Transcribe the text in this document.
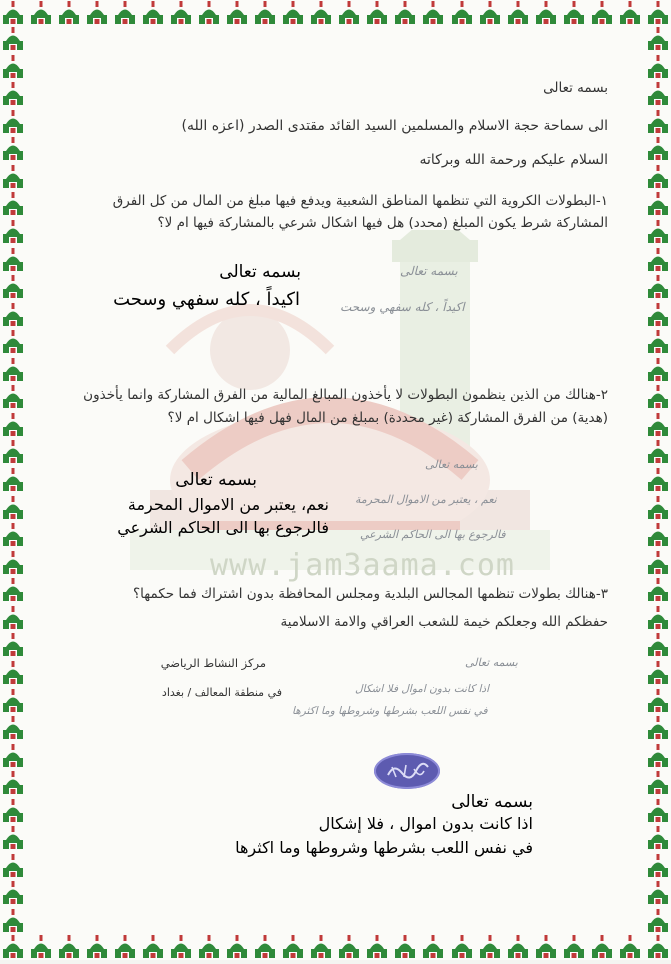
www.jam3aama.com
بسمه تعالى
الى سماحة حجة الاسلام والمسلمين السيد القائد مقتدى الصدر (اعزه الله)
السلام عليكم ورحمة الله وبركاته
١-البطولات الكروية التي تنظمها المناطق الشعبية ويدفع فيها مبلغ من المال من كل الفرق
المشاركة شرط يكون المبلغ (محدد) هل فيها اشكال شرعي بالمشاركة فيها ام لا؟
بسمه تعالى
اكيداً ، كله سفهي وسحت
بسمه تعالى
اكيداً ، كله سفهي وسحت
٢-هنالك من الذين ينظمون البطولات لا يأخذون المبالغ المالية من الفرق المشاركة وانما يأخذون
(هدية) من الفرق المشاركة (غير محددة) بمبلغ من المال فهل فيها اشكال ام لا؟
بسمه تعالى
نعم ، يعتبر من الاموال المحرمة
فالرجوع بها الى الحاكم الشرعي
بسمه تعالى
نعم، يعتبر من الاموال المحرمة
فالرجوع بها الى الحاكم الشرعي
٣-هنالك بطولات تنظمها المجالس البلدية ومجلس المحافظة بدون اشتراك فما حكمها؟
حفظكم الله وجعلكم خيمة للشعب العراقي والامة الاسلامية
مركز النشاط الرياضي
في منطقة المعالف / بغداد
بسمه تعالى
اذا كانت بدون اموال فلا اشكال
في نفس اللعب بشرطها وشروطها وما اكثرها
بسمه تعالى
اذا كانت بدون اموال ، فلا إشكال
في نفس اللعب بشرطها وشروطها وما اكثرها
